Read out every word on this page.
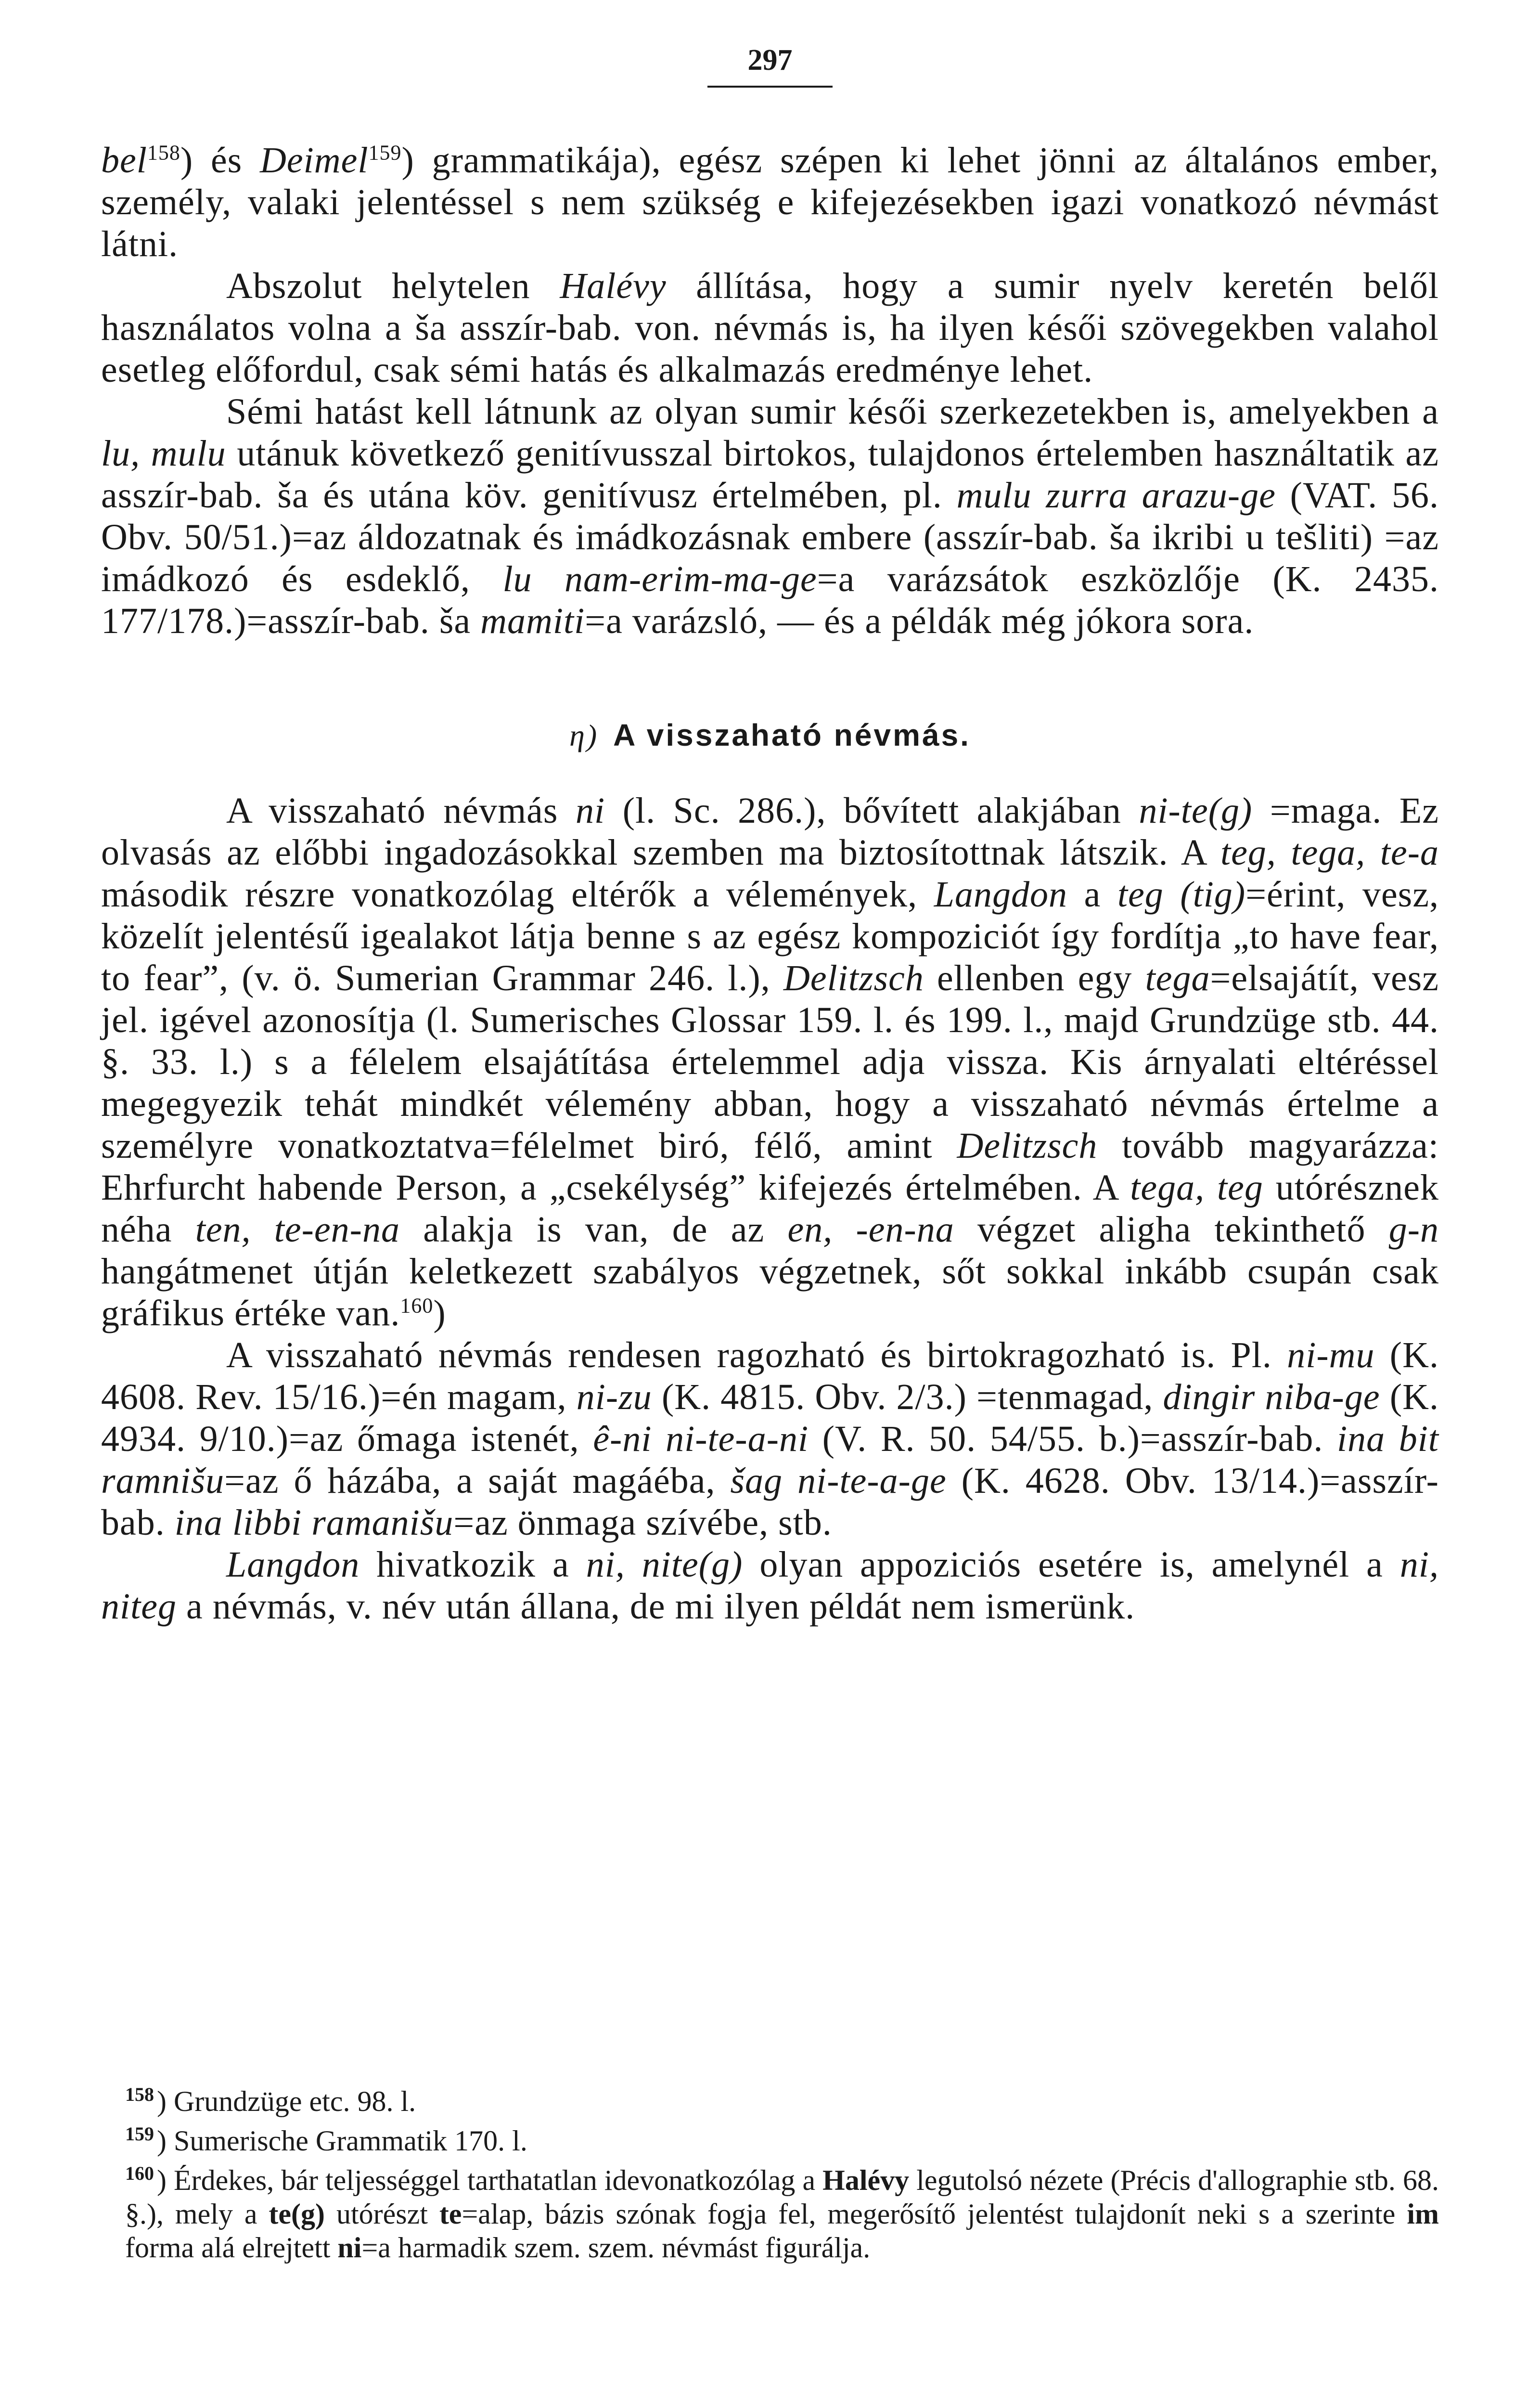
297

bel$^{158}$) és Deimel$^{159}$) grammatikája), egész szépen ki lehet jönni az általános ember, személy, valaki jelentéssel s nem szükség e kifejezésekben igazi vonatkozó névmást látni.

Abszolut helytelen Halévy állítása, hogy a sumir nyelv keretén belől használatos volna a ša asszír-bab. von. névmás is, ha ilyen késői szövegekben valahol esetleg előfordul, csak sémi hatás és alkalmazás eredménye lehet.

Sémi hatást kell látnunk az olyan sumir késői szerkezetekben is, amelyekben a lu, mulu utánuk következő genitívusszal birtokos, tulajdonos értelemben használtatik az asszír-bab. ša és utána köv. genitívusz értelmében, pl. mulu zurra arazu-ge (VAT. 56. Obv. 50/51.)=az áldozatnak és imádkozásnak embere (asszír-bab. ša ikribi u tešliti) =az imádkozó és esdeklő, lu nam-erim-ma-ge=a varázsátok eszközlője (K. 2435. 177/178.)=asszír-bab. ša mamiti=a varázsló, — és a példák még jókora sora.

η) A visszaható névmás.

A visszaható névmás ni (l. Sc. 286.), bővített alakjában ni-te(g) =maga. Ez olvasás az előbbi ingadozásokkal szemben ma biztosítottnak látszik. A teg, tega, te-a második részre vonatkozólag eltérők a vélemények, Langdon a teg (tig)=érint, vesz, közelít jelentésű igealakot látja benne s az egész kompoziciót így fordítja „to have fear, to fear”, (v. ö. Sumerian Grammar 246. l.), Delitzsch ellenben egy tega=elsajátít, vesz jel. igével azonosítja (l. Sumerisches Glossar 159. l. és 199. l., majd Grundzüge stb. 44. §. 33. l.) s a félelem elsajátítása értelemmel adja vissza. Kis árnyalati eltéréssel megegyezik tehát mindkét vélemény abban, hogy a visszaható névmás értelme a személyre vonatkoztatva=félelmet biró, félő, amint Delitzsch tovább magyarázza: Ehrfurcht habende Person, a „csekélység” kifejezés értelmében. A tega, teg utórésznek néha ten, te-en-na alakja is van, de az en, -en-na végzet aligha tekinthető g-n hangátmenet útján keletkezett szabályos végzetnek, sőt sokkal inkább csupán csak gráfikus értéke van.$^{160}$)

A visszaható névmás rendesen ragozható és birtokragozható is. Pl. ni-mu (K. 4608. Rev. 15/16.)=én magam, ni-zu (K. 4815. Obv. 2/3.) =tenmagad, dingir niba-ge (K. 4934. 9/10.)=az őmaga istenét, ê-ni ni-te-a-ni (V. R. 50. 54/55. b.)=asszír-bab. ina bit ramnišu=az ő házába, a saját magáéba, šag ni-te-a-ge (K. 4628. Obv. 13/14.)=asszír-bab. ina libbi ramanišu=az önmaga szívébe, stb.

Langdon hivatkozik a ni, nite(g) olyan appoziciós esetére is, amelynél a ni, niteg a névmás, v. név után állana, de mi ilyen példát nem ismerünk.

$^{158}$ ) Grundzüge etc. 98. l.

$^{159}$ ) Sumerische Grammatik 170. l.

$^{160}$ ) Érdekes, bár teljességgel tarthatatlan idevonatkozólag a Halévy legutolsó nézete (Précis d'allographie stb. 68. §.), mely a te(g) utórészt te=alap, bázis szónak fogja fel, megerősítő jelentést tulajdonít neki s a szerinte im forma alá elrejtett ni=a harmadik szem. szem. névmást figurálja.
